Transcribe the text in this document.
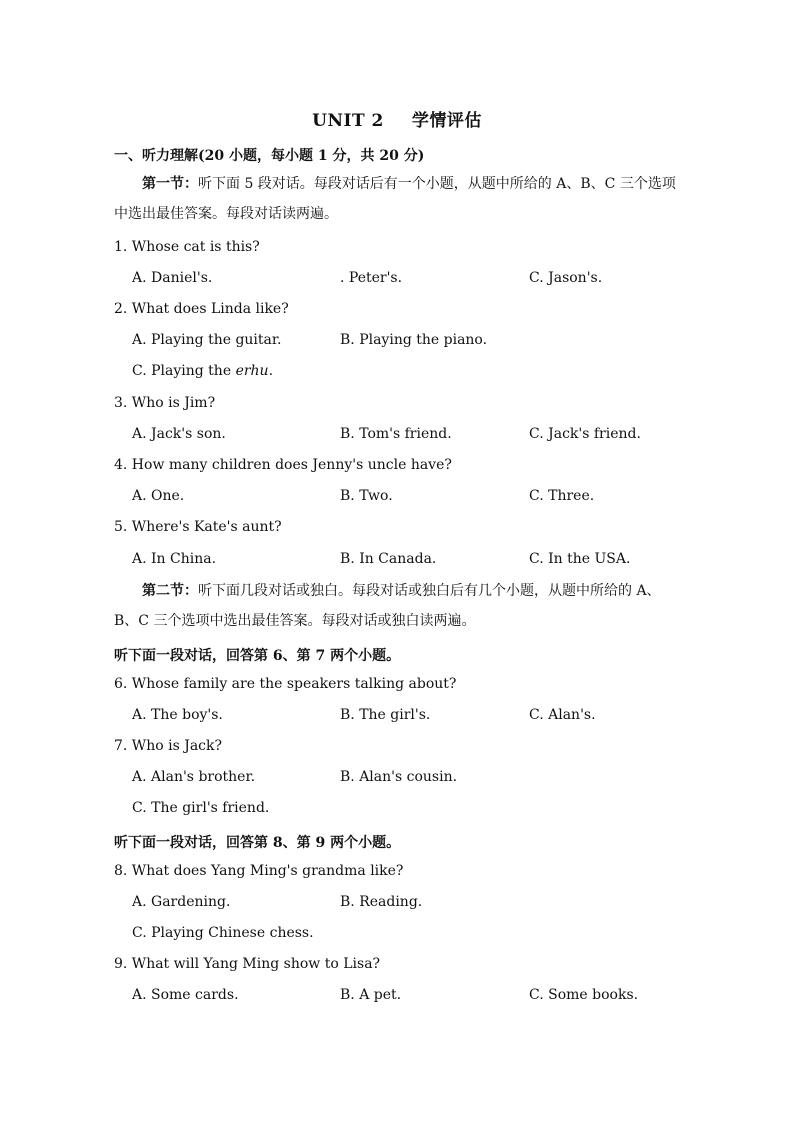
UNIT 2 学情评估
一、听力理解(20 小题，每小题 1 分，共 20 分)
第一节：听下面 5 段对话。每段对话后有一个小题，从题中所给的 A、B、C 三个选项中选出最佳答案。每段对话读两遍。
1. Whose cat is this?
A. Daniel's.	. Peter's.	C. Jason's.
2. What does Linda like?
A. Playing the guitar.	B. Playing the piano.
C. Playing the erhu.
3. Who is Jim?
A. Jack's son.	B. Tom's friend.	C. Jack's friend.
4. How many children does Jenny's uncle have?
A. One.	B. Two.	C. Three.
5. Where's Kate's aunt?
A. In China.	B. In Canada.	C. In the USA.
第二节：听下面几段对话或独白。每段对话或独白后有几个小题，从题中所给的 A、B、C 三个选项中选出最佳答案。每段对话或独白读两遍。
听下面一段对话，回答第 6、第 7 两个小题。
6. Whose family are the speakers talking about?
A. The boy's.	B. The girl's.	C. Alan's.
7. Who is Jack?
A. Alan's brother.	B. Alan's cousin.
C. The girl's friend.
听下面一段对话，回答第 8、第 9 两个小题。
8. What does Yang Ming's grandma like?
A. Gardening.	B. Reading.
C. Playing Chinese chess.
9. What will Yang Ming show to Lisa?
A. Some cards.	B. A pet.	C. Some books.
